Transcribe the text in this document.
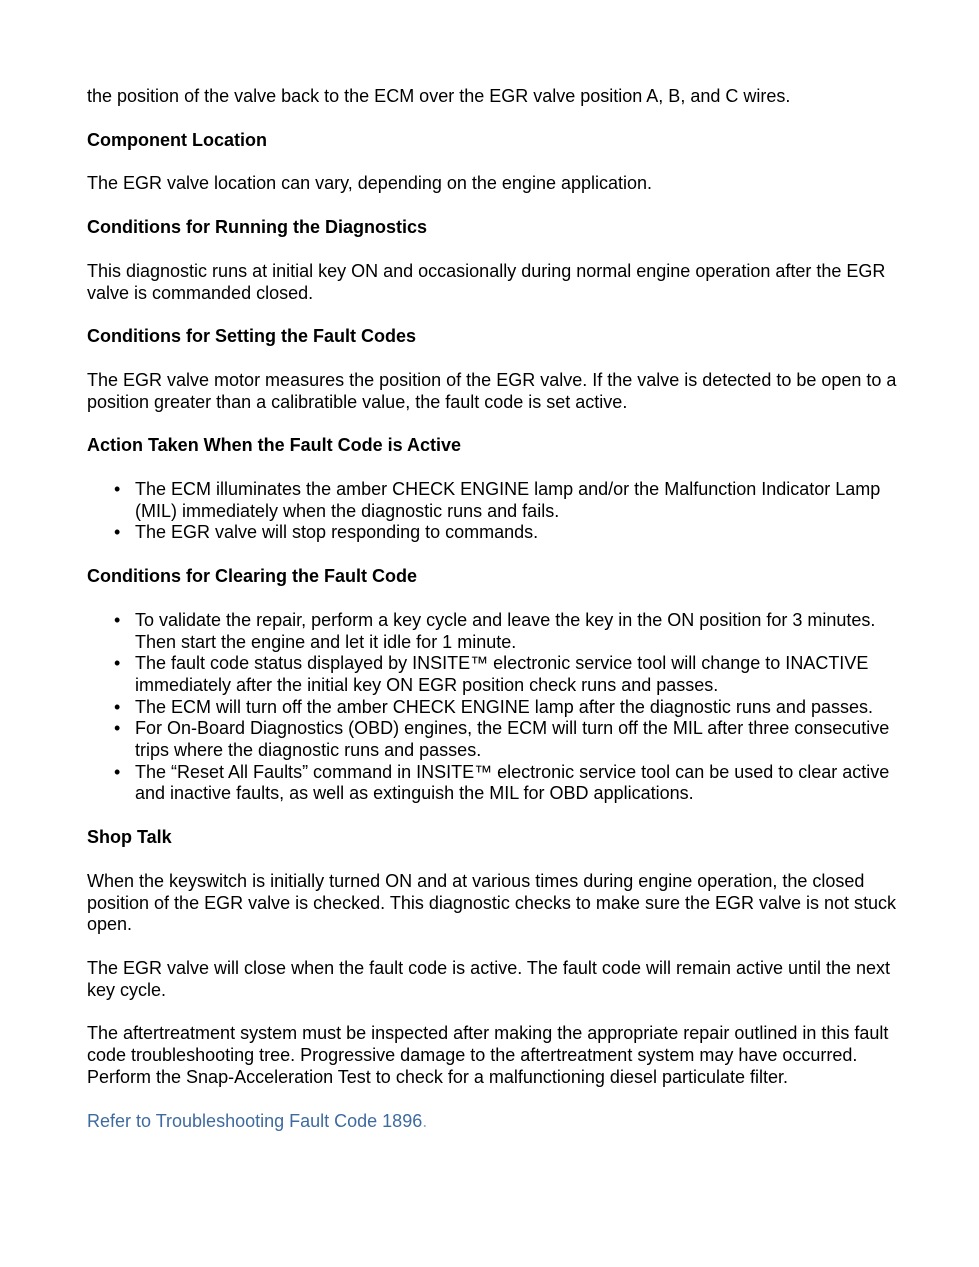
the position of the valve back to the ECM over the EGR valve position A, B, and C wires.

Component Location

The EGR valve location can vary, depending on the engine application.

Conditions for Running the Diagnostics

This diagnostic runs at initial key ON and occasionally during normal engine operation after the EGR valve is commanded closed.

Conditions for Setting the Fault Codes

The EGR valve motor measures the position of the EGR valve. If the valve is detected to be open to a position greater than a calibratible value, the fault code is set active.

Action Taken When the Fault Code is Active

• The ECM illuminates the amber CHECK ENGINE lamp and/or the Malfunction Indicator Lamp (MIL) immediately when the diagnostic runs and fails.
• The EGR valve will stop responding to commands.

Conditions for Clearing the Fault Code

• To validate the repair, perform a key cycle and leave the key in the ON position for 3 minutes. Then start the engine and let it idle for 1 minute.
• The fault code status displayed by INSITE™ electronic service tool will change to INACTIVE immediately after the initial key ON EGR position check runs and passes.
• The ECM will turn off the amber CHECK ENGINE lamp after the diagnostic runs and passes.
• For On-Board Diagnostics (OBD) engines, the ECM will turn off the MIL after three consecutive trips where the diagnostic runs and passes.
• The “Reset All Faults” command in INSITE™ electronic service tool can be used to clear active and inactive faults, as well as extinguish the MIL for OBD applications.

Shop Talk

When the keyswitch is initially turned ON and at various times during engine operation, the closed position of the EGR valve is checked. This diagnostic checks to make sure the EGR valve is not stuck open.

The EGR valve will close when the fault code is active. The fault code will remain active until the next key cycle.

The aftertreatment system must be inspected after making the appropriate repair outlined in this fault code troubleshooting tree. Progressive damage to the aftertreatment system may have occurred. Perform the Snap-Acceleration Test to check for a malfunctioning diesel particulate filter.

Refer to Troubleshooting Fault Code 1896.
